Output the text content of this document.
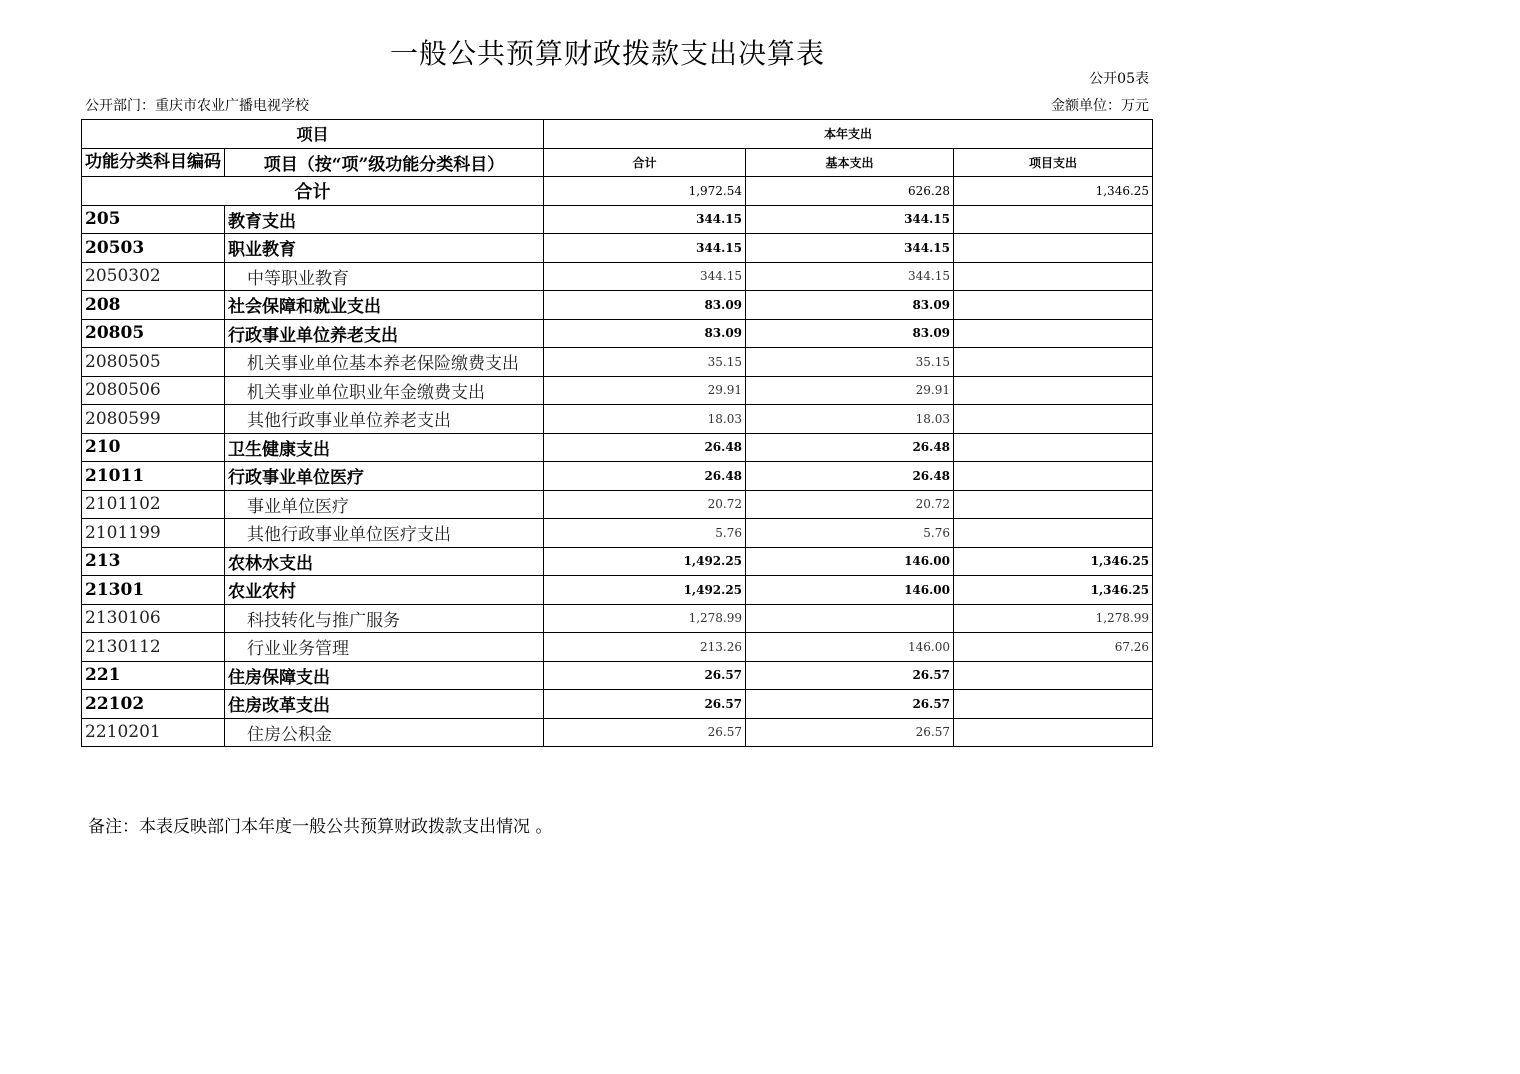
一般公共预算财政拨款支出决算表
公开05表
公开部门：重庆市农业广播电视学校	金额单位：万元
项目		本年支出		
功能分类科目编码	项目（按“项”级功能分类科目）	合计	基本支出	项目支出
合计		1,972.54	626.28	1,346.25
205	教育支出	344.15	344.15	
20503	职业教育	344.15	344.15	
2050302	中等职业教育	344.15	344.15	
208	社会保障和就业支出	83.09	83.09	
20805	行政事业单位养老支出	83.09	83.09	
2080505	机关事业单位基本养老保险缴费支出	35.15	35.15	
2080506	机关事业单位职业年金缴费支出	29.91	29.91	
2080599	其他行政事业单位养老支出	18.03	18.03	
210	卫生健康支出	26.48	26.48	
21011	行政事业单位医疗	26.48	26.48	
2101102	事业单位医疗	20.72	20.72	
2101199	其他行政事业单位医疗支出	5.76	5.76	
213	农林水支出	1,492.25	146.00	1,346.25
21301	农业农村	1,492.25	146.00	1,346.25
2130106	科技转化与推广服务	1,278.99		1,278.99
2130112	行业业务管理	213.26	146.00	67.26
221	住房保障支出	26.57	26.57	
22102	住房改革支出	26.57	26.57	
2210201	住房公积金	26.57	26.57	
备注：本表反映部门本年度一般公共预算财政拨款支出情况 。
